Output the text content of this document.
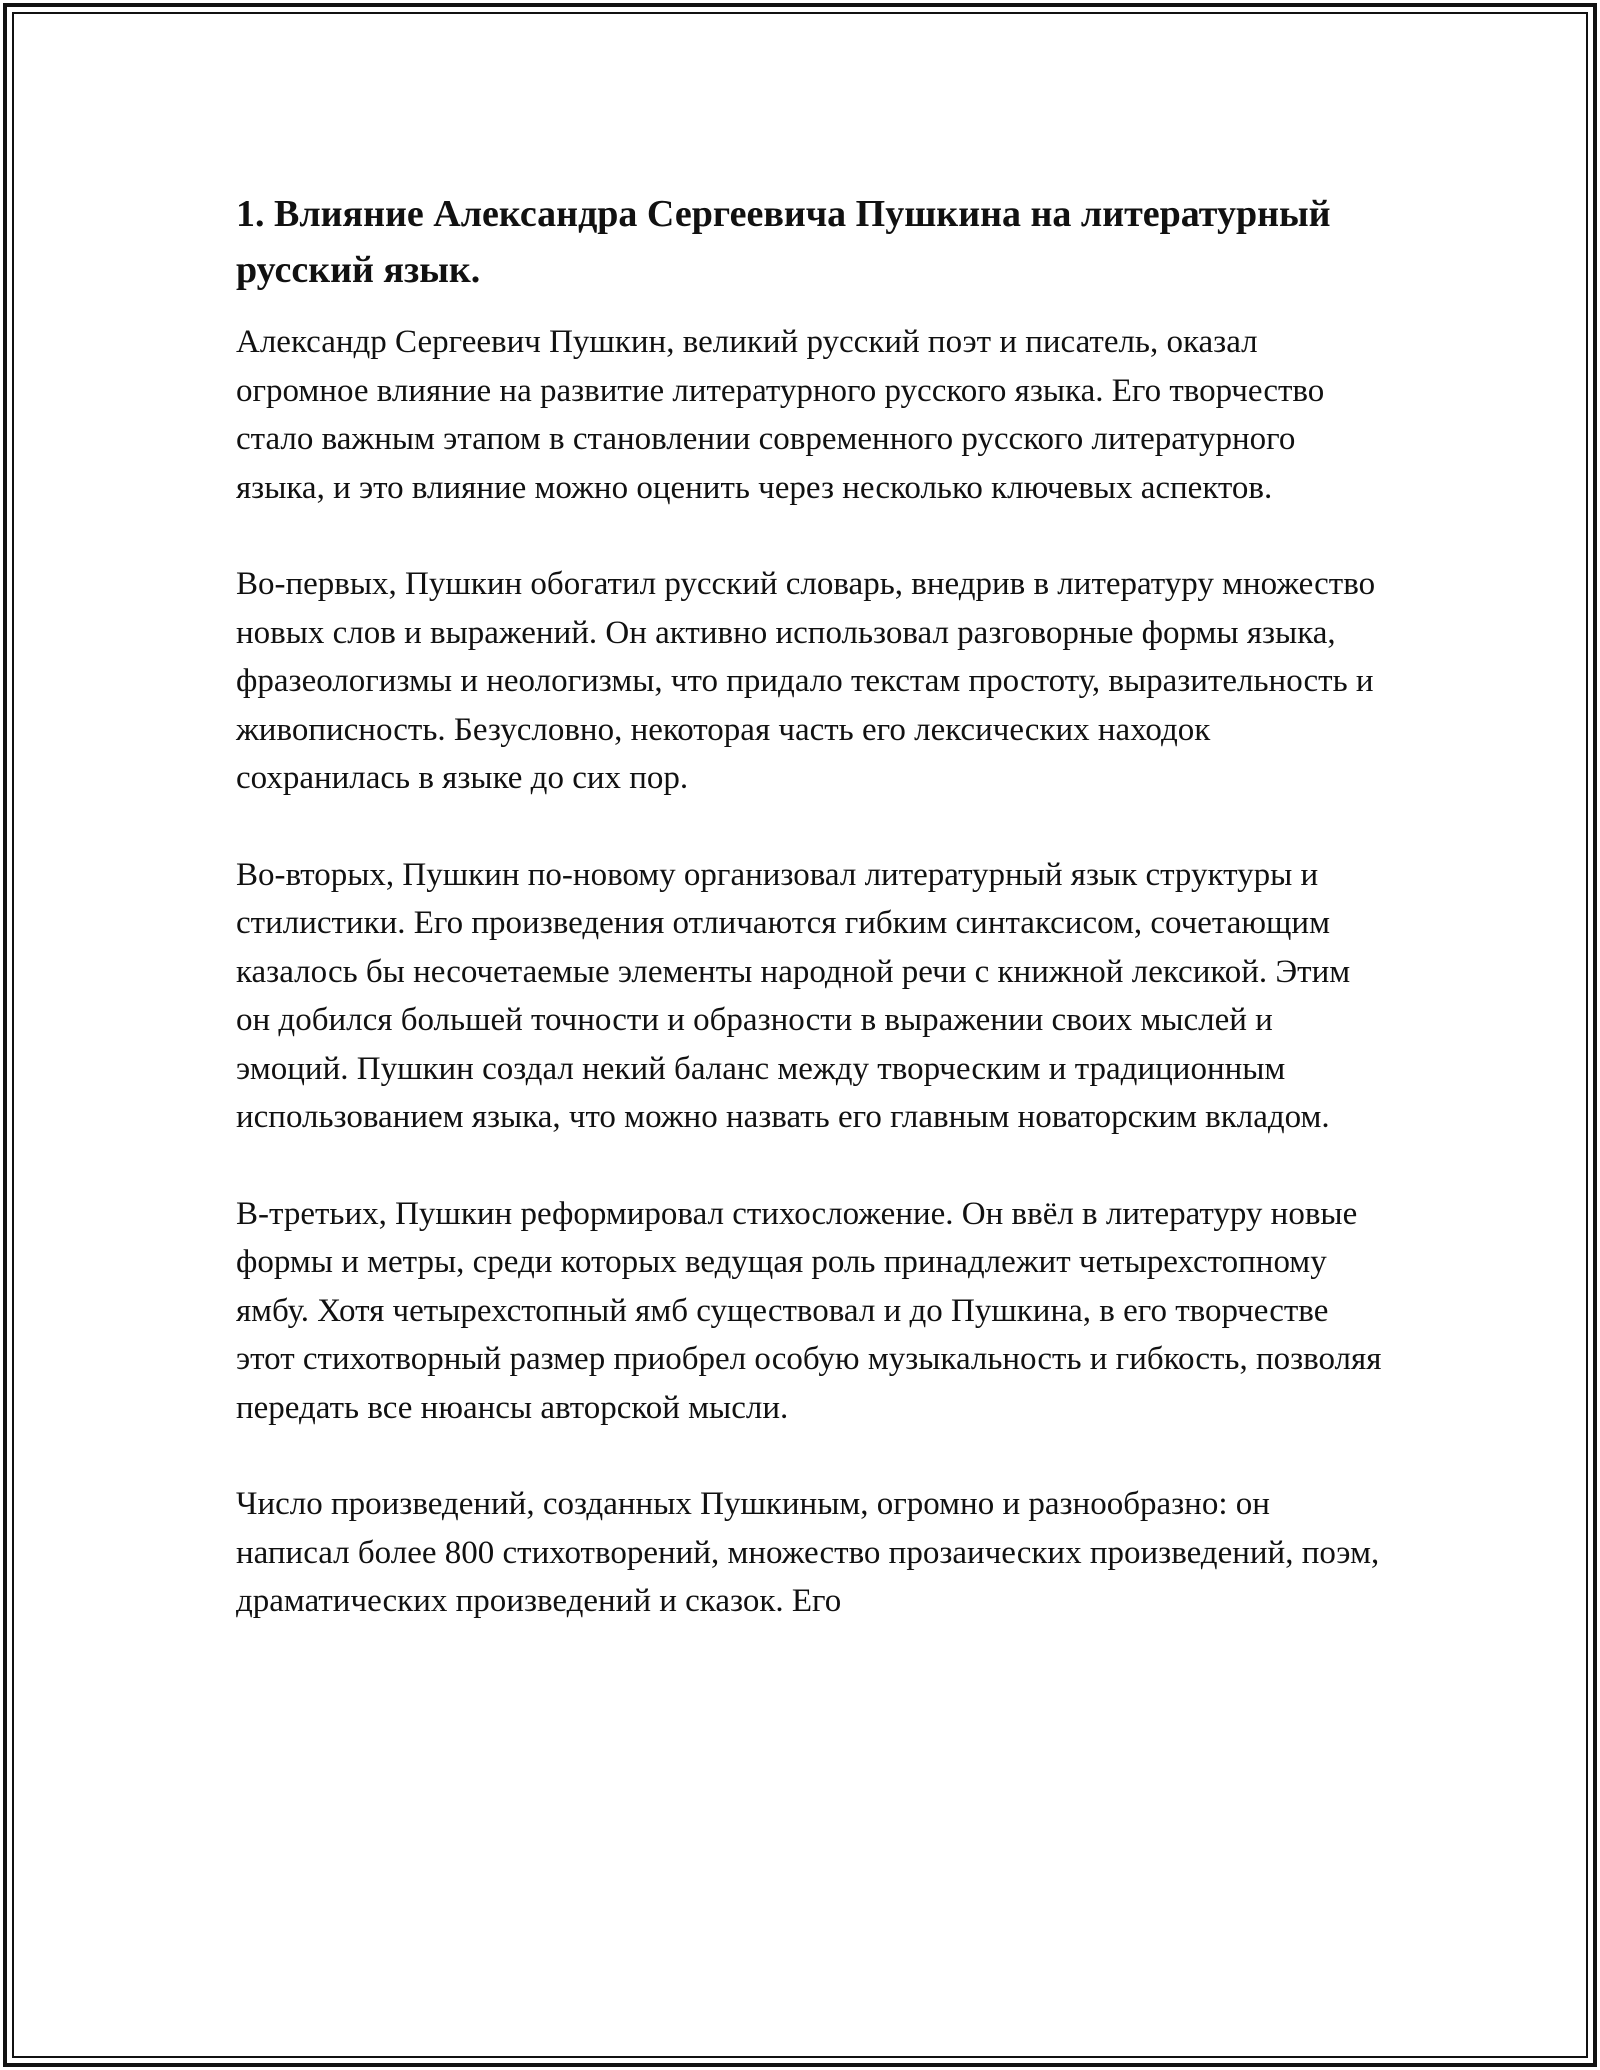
1. Влияние Александра Сергеевича Пушкина на литературный русский язык.

Александр Сергеевич Пушкин, великий русский поэт и писатель, оказал огромное влияние на развитие литературного русского языка. Его творчество стало важным этапом в становлении современного русского литературного языка, и это влияние можно оценить через несколько ключевых аспектов.

Во-первых, Пушкин обогатил русский словарь, внедрив в литературу множество новых слов и выражений. Он активно использовал разговорные формы языка, фразеологизмы и неологизмы, что придало текстам простоту, выразительность и живописность. Безусловно, некоторая часть его лексических находок сохранилась в языке до сих пор.

Во-вторых, Пушкин по-новому организовал литературный язык структуры и стилистики. Его произведения отличаются гибким синтаксисом, сочетающим казалось бы несочетаемые элементы народной речи с книжной лексикой. Этим он добился большей точности и образности в выражении своих мыслей и эмоций. Пушкин создал некий баланс между творческим и традиционным использованием языка, что можно назвать его главным новаторским вкладом.

В-третьих, Пушкин реформировал стихосложение. Он ввёл в литературу новые формы и метры, среди которых ведущая роль принадлежит четырехстопному ямбу. Хотя четырехстопный ямб существовал и до Пушкина, в его творчестве этот стихотворный размер приобрел особую музыкальность и гибкость, позволяя передать все нюансы авторской мысли.

Число произведений, созданных Пушкиным, огромно и разнообразно: он написал более 800 стихотворений, множество прозаических произведений, поэм, драматических произведений и сказок. Его
